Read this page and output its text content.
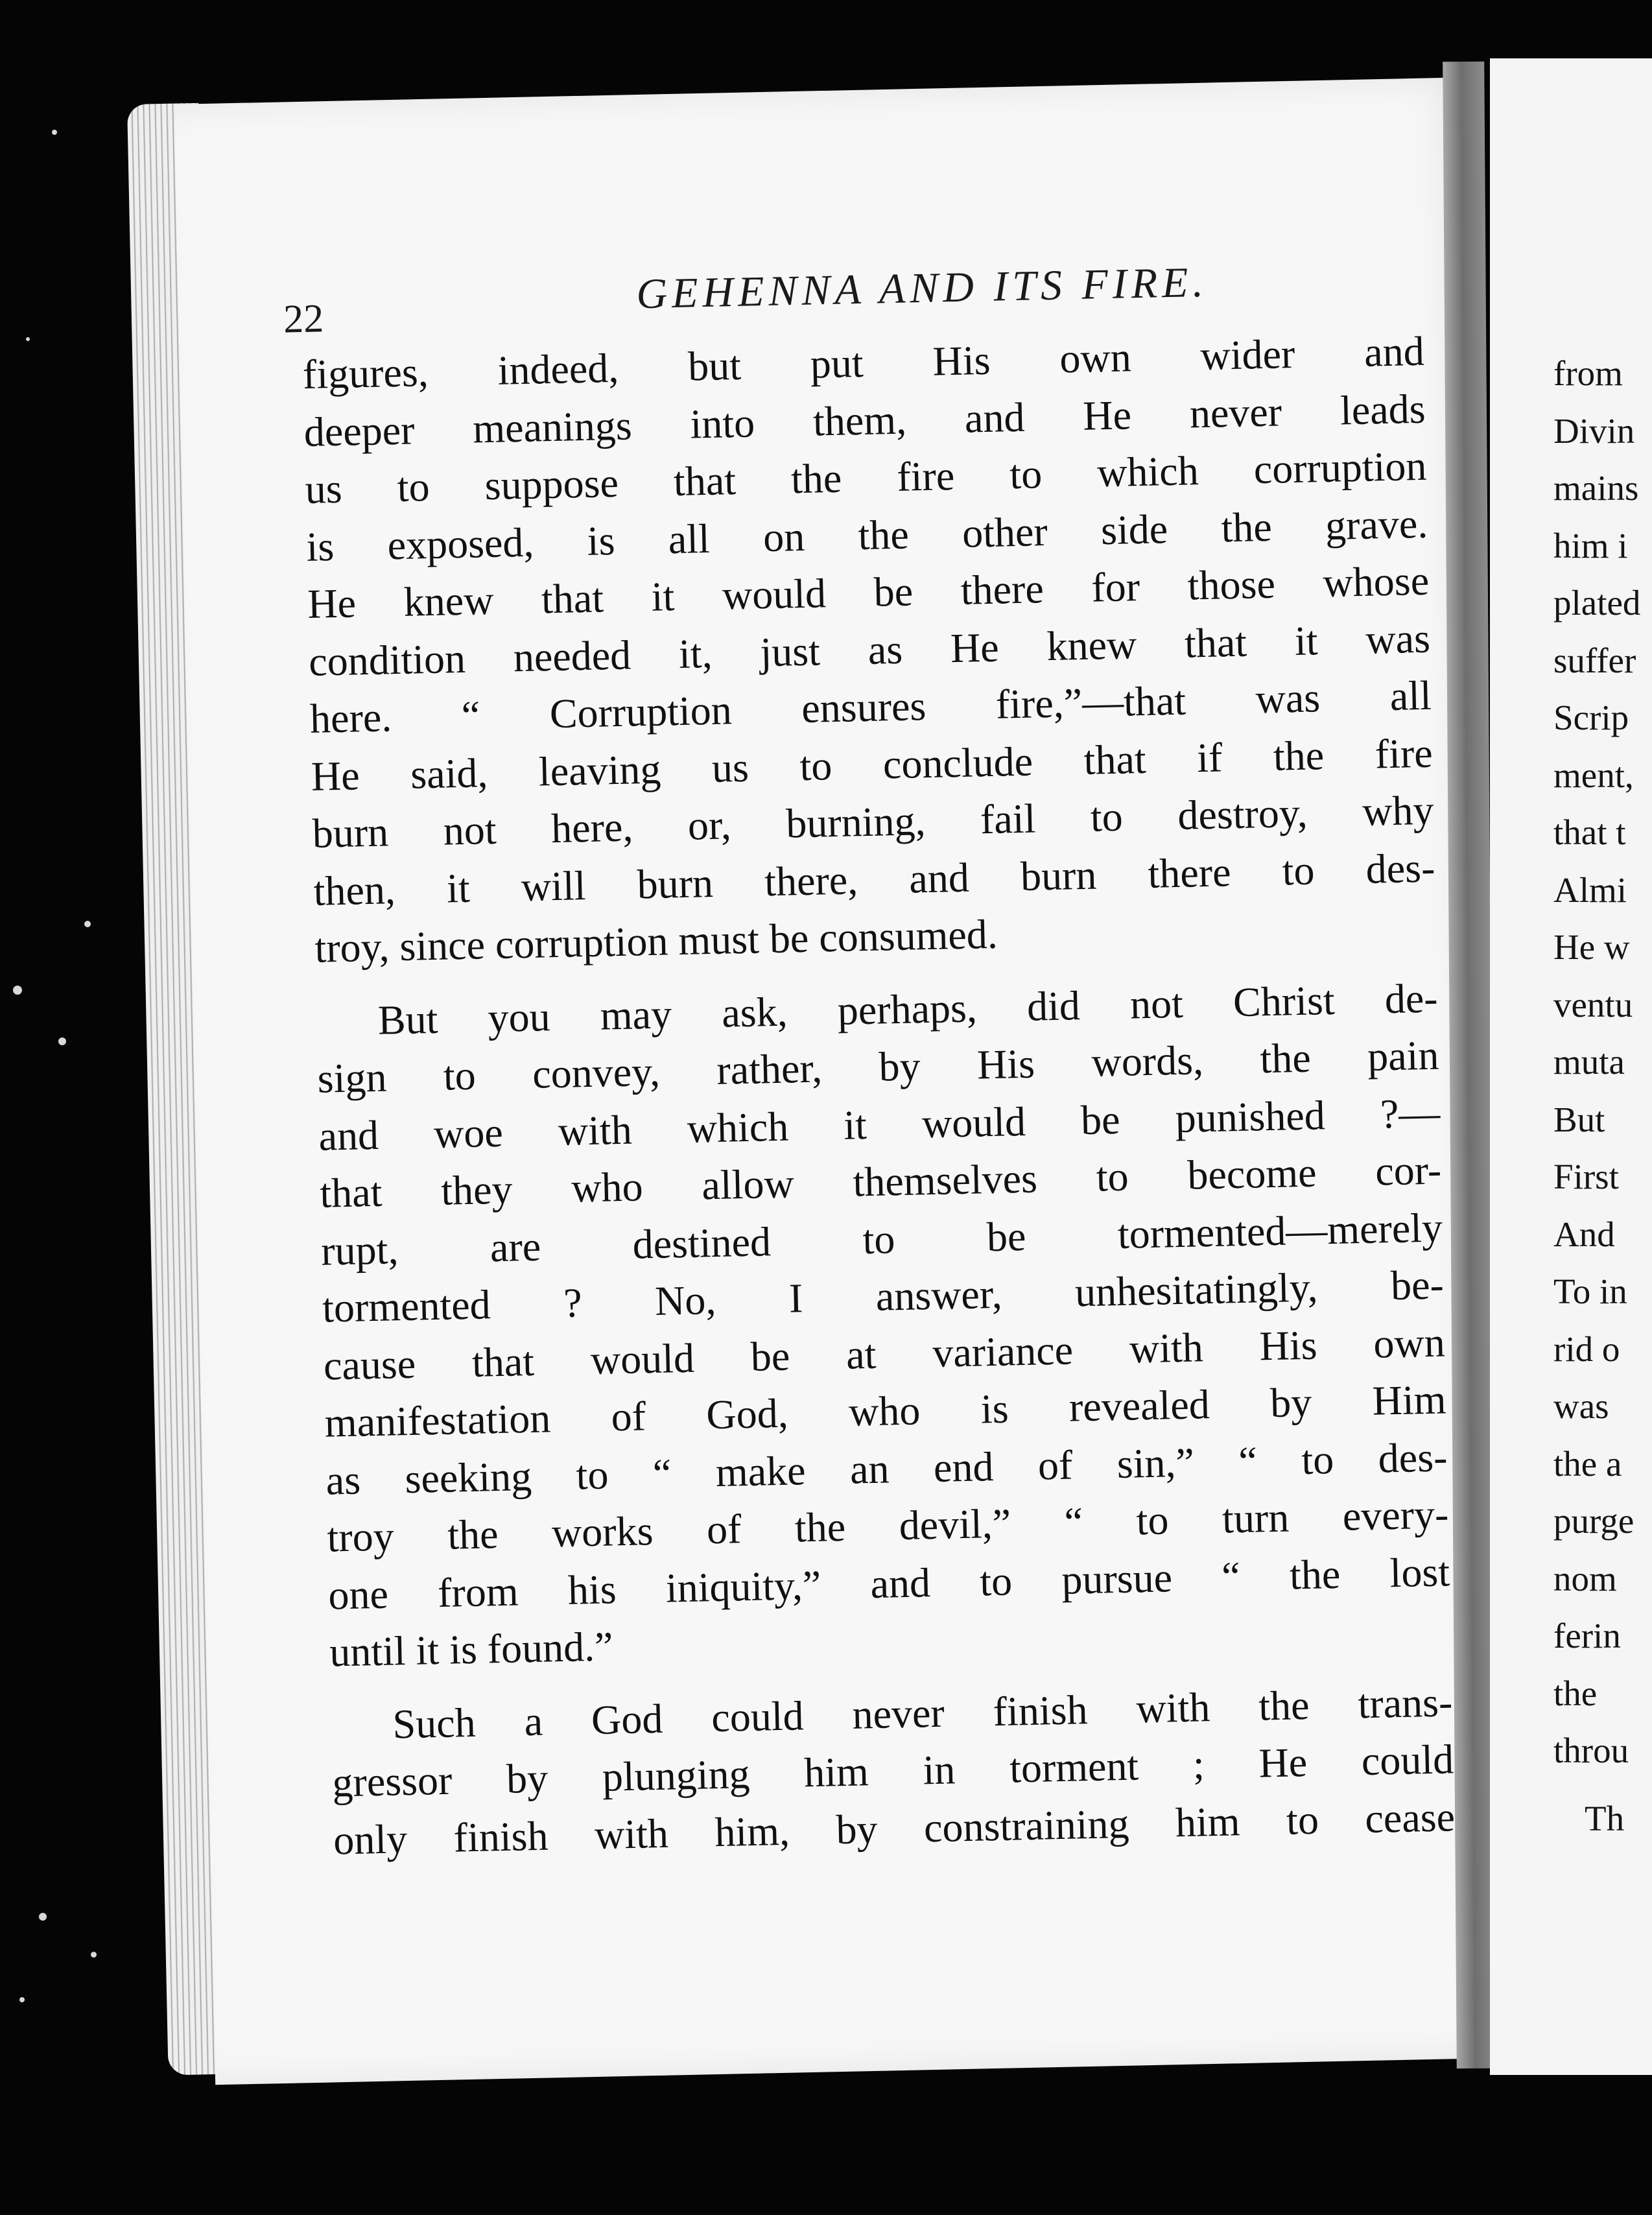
from
Divin
mains
him i
plated
suffer
Scrip
ment,
that t
Almi
He w
ventu
muta
But
First
And
To in
rid o
was
the a
purge
nom
ferin
the
throu
Th
22
GEHENNA AND ITS FIRE.
figures, indeed, but put His own wider and
deeper meanings into them, and He never leads
us to suppose that the fire to which corruption
is exposed, is all on the other side the grave.
He knew that it would be there for those whose
condition needed it, just as He knew that it was
here. “ Corruption ensures fire,”—that was all
He said, leaving us to conclude that if the fire
burn not here, or, burning, fail to destroy, why
then, it will burn there, and burn there to des-
troy, since corruption must be consumed.
But you may ask, perhaps, did not Christ de-
sign to convey, rather, by His words, the pain
and woe with which it would be punished ?—
that they who allow themselves to become cor-
rupt, are destined to be tormented—merely
tormented ? No, I answer, unhesitatingly, be-
cause that would be at variance with His own
manifestation of God, who is revealed by Him
as seeking to “ make an end of sin,” “ to des-
troy the works of the devil,” “ to turn every-
one from his iniquity,” and to pursue “ the lost
until it is found.”
Such a God could never finish with the trans-
gressor by plunging him in torment ; He could
only finish with him, by constraining him to cease
